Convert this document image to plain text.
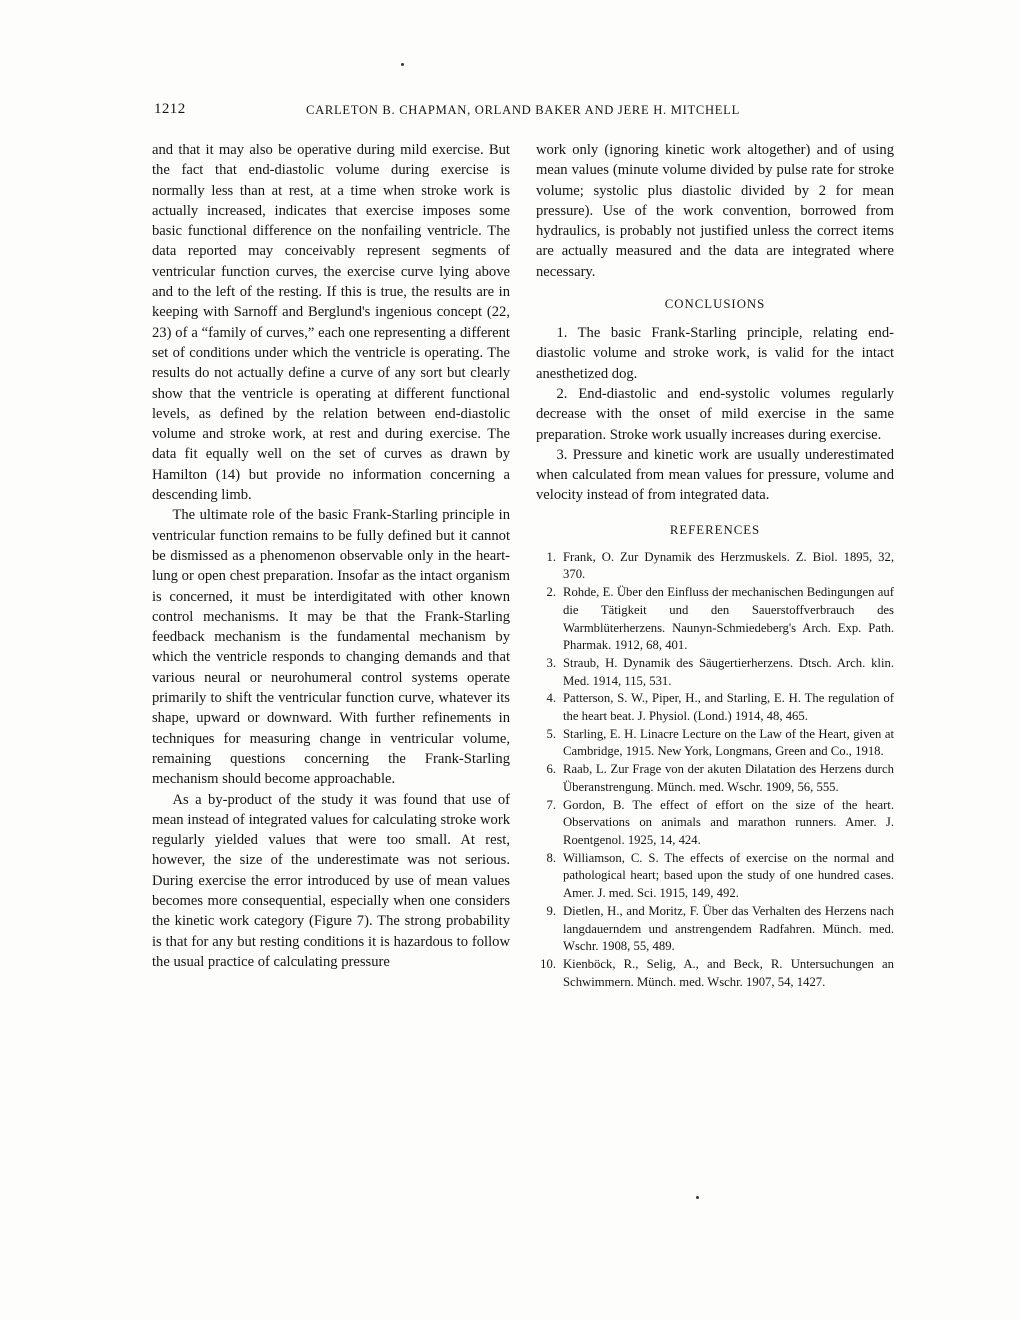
1212	CARLETON B. CHAPMAN, ORLAND BAKER AND JERE H. MITCHELL

and that it may also be operative during mild exercise. But the fact that end-diastolic volume during exercise is normally less than at rest, at a time when stroke work is actually increased, indicates that exercise imposes some basic functional difference on the nonfailing ventricle. The data reported may conceivably represent segments of ventricular function curves, the exercise curve lying above and to the left of the resting. If this is true, the results are in keeping with Sarnoff and Berglund's ingenious concept (22, 23) of a “family of curves,” each one representing a different set of conditions under which the ventricle is operating. The results do not actually define a curve of any sort but clearly show that the ventricle is operating at different functional levels, as defined by the relation between end-diastolic volume and stroke work, at rest and during exercise. The data fit equally well on the set of curves as drawn by Hamilton (14) but provide no information concerning a descending limb.

The ultimate role of the basic Frank-Starling principle in ventricular function remains to be fully defined but it cannot be dismissed as a phenomenon observable only in the heart-lung or open chest preparation. Insofar as the intact organism is concerned, it must be interdigitated with other known control mechanisms. It may be that the Frank-Starling feedback mechanism is the fundamental mechanism by which the ventricle responds to changing demands and that various neural or neurohumeral control systems operate primarily to shift the ventricular function curve, whatever its shape, upward or downward. With further refinements in techniques for measuring change in ventricular volume, remaining questions concerning the Frank-Starling mechanism should become approachable.

As a by-product of the study it was found that use of mean instead of integrated values for calculating stroke work regularly yielded values that were too small. At rest, however, the size of the underestimate was not serious. During exercise the error introduced by use of mean values becomes more consequential, especially when one considers the kinetic work category (Figure 7). The strong probability is that for any but resting conditions it is hazardous to follow the usual practice of calculating pressure

work only (ignoring kinetic work altogether) and of using mean values (minute volume divided by pulse rate for stroke volume; systolic plus diastolic divided by 2 for mean pressure). Use of the work convention, borrowed from hydraulics, is probably not justified unless the correct items are actually measured and the data are integrated where necessary.

CONCLUSIONS

1. The basic Frank-Starling principle, relating end-diastolic volume and stroke work, is valid for the intact anesthetized dog.

2. End-diastolic and end-systolic volumes regularly decrease with the onset of mild exercise in the same preparation. Stroke work usually increases during exercise.

3. Pressure and kinetic work are usually underestimated when calculated from mean values for pressure, volume and velocity instead of from integrated data.

REFERENCES
1. Frank, O. Zur Dynamik des Herzmuskels. Z. Biol. 1895, 32, 370.
2. Rohde, E. Über den Einfluss der mechanischen Bedingungen auf die Tätigkeit und den Sauerstoffverbrauch des Warmblüterherzens. Naunyn-Schmiedeberg's Arch. Exp. Path. Pharmak. 1912, 68, 401.
3. Straub, H. Dynamik des Säugertierherzens. Dtsch. Arch. klin. Med. 1914, 115, 531.
4. Patterson, S. W., Piper, H., and Starling, E. H. The regulation of the heart beat. J. Physiol. (Lond.) 1914, 48, 465.
5. Starling, E. H. Linacre Lecture on the Law of the Heart, given at Cambridge, 1915. New York, Longmans, Green and Co., 1918.
6. Raab, L. Zur Frage von der akuten Dilatation des Herzens durch Überanstrengung. Münch. med. Wschr. 1909, 56, 555.
7. Gordon, B. The effect of effort on the size of the heart. Observations on animals and marathon runners. Amer. J. Roentgenol. 1925, 14, 424.
8. Williamson, C. S. The effects of exercise on the normal and pathological heart; based upon the study of one hundred cases. Amer. J. med. Sci. 1915, 149, 492.
9. Dietlen, H., and Moritz, F. Über das Verhalten des Herzens nach langdauerndem und anstrengendem Radfahren. Münch. med. Wschr. 1908, 55, 489.
10. Kienböck, R., Selig, A., and Beck, R. Untersuchungen an Schwimmern. Münch. med. Wschr. 1907, 54, 1427.
